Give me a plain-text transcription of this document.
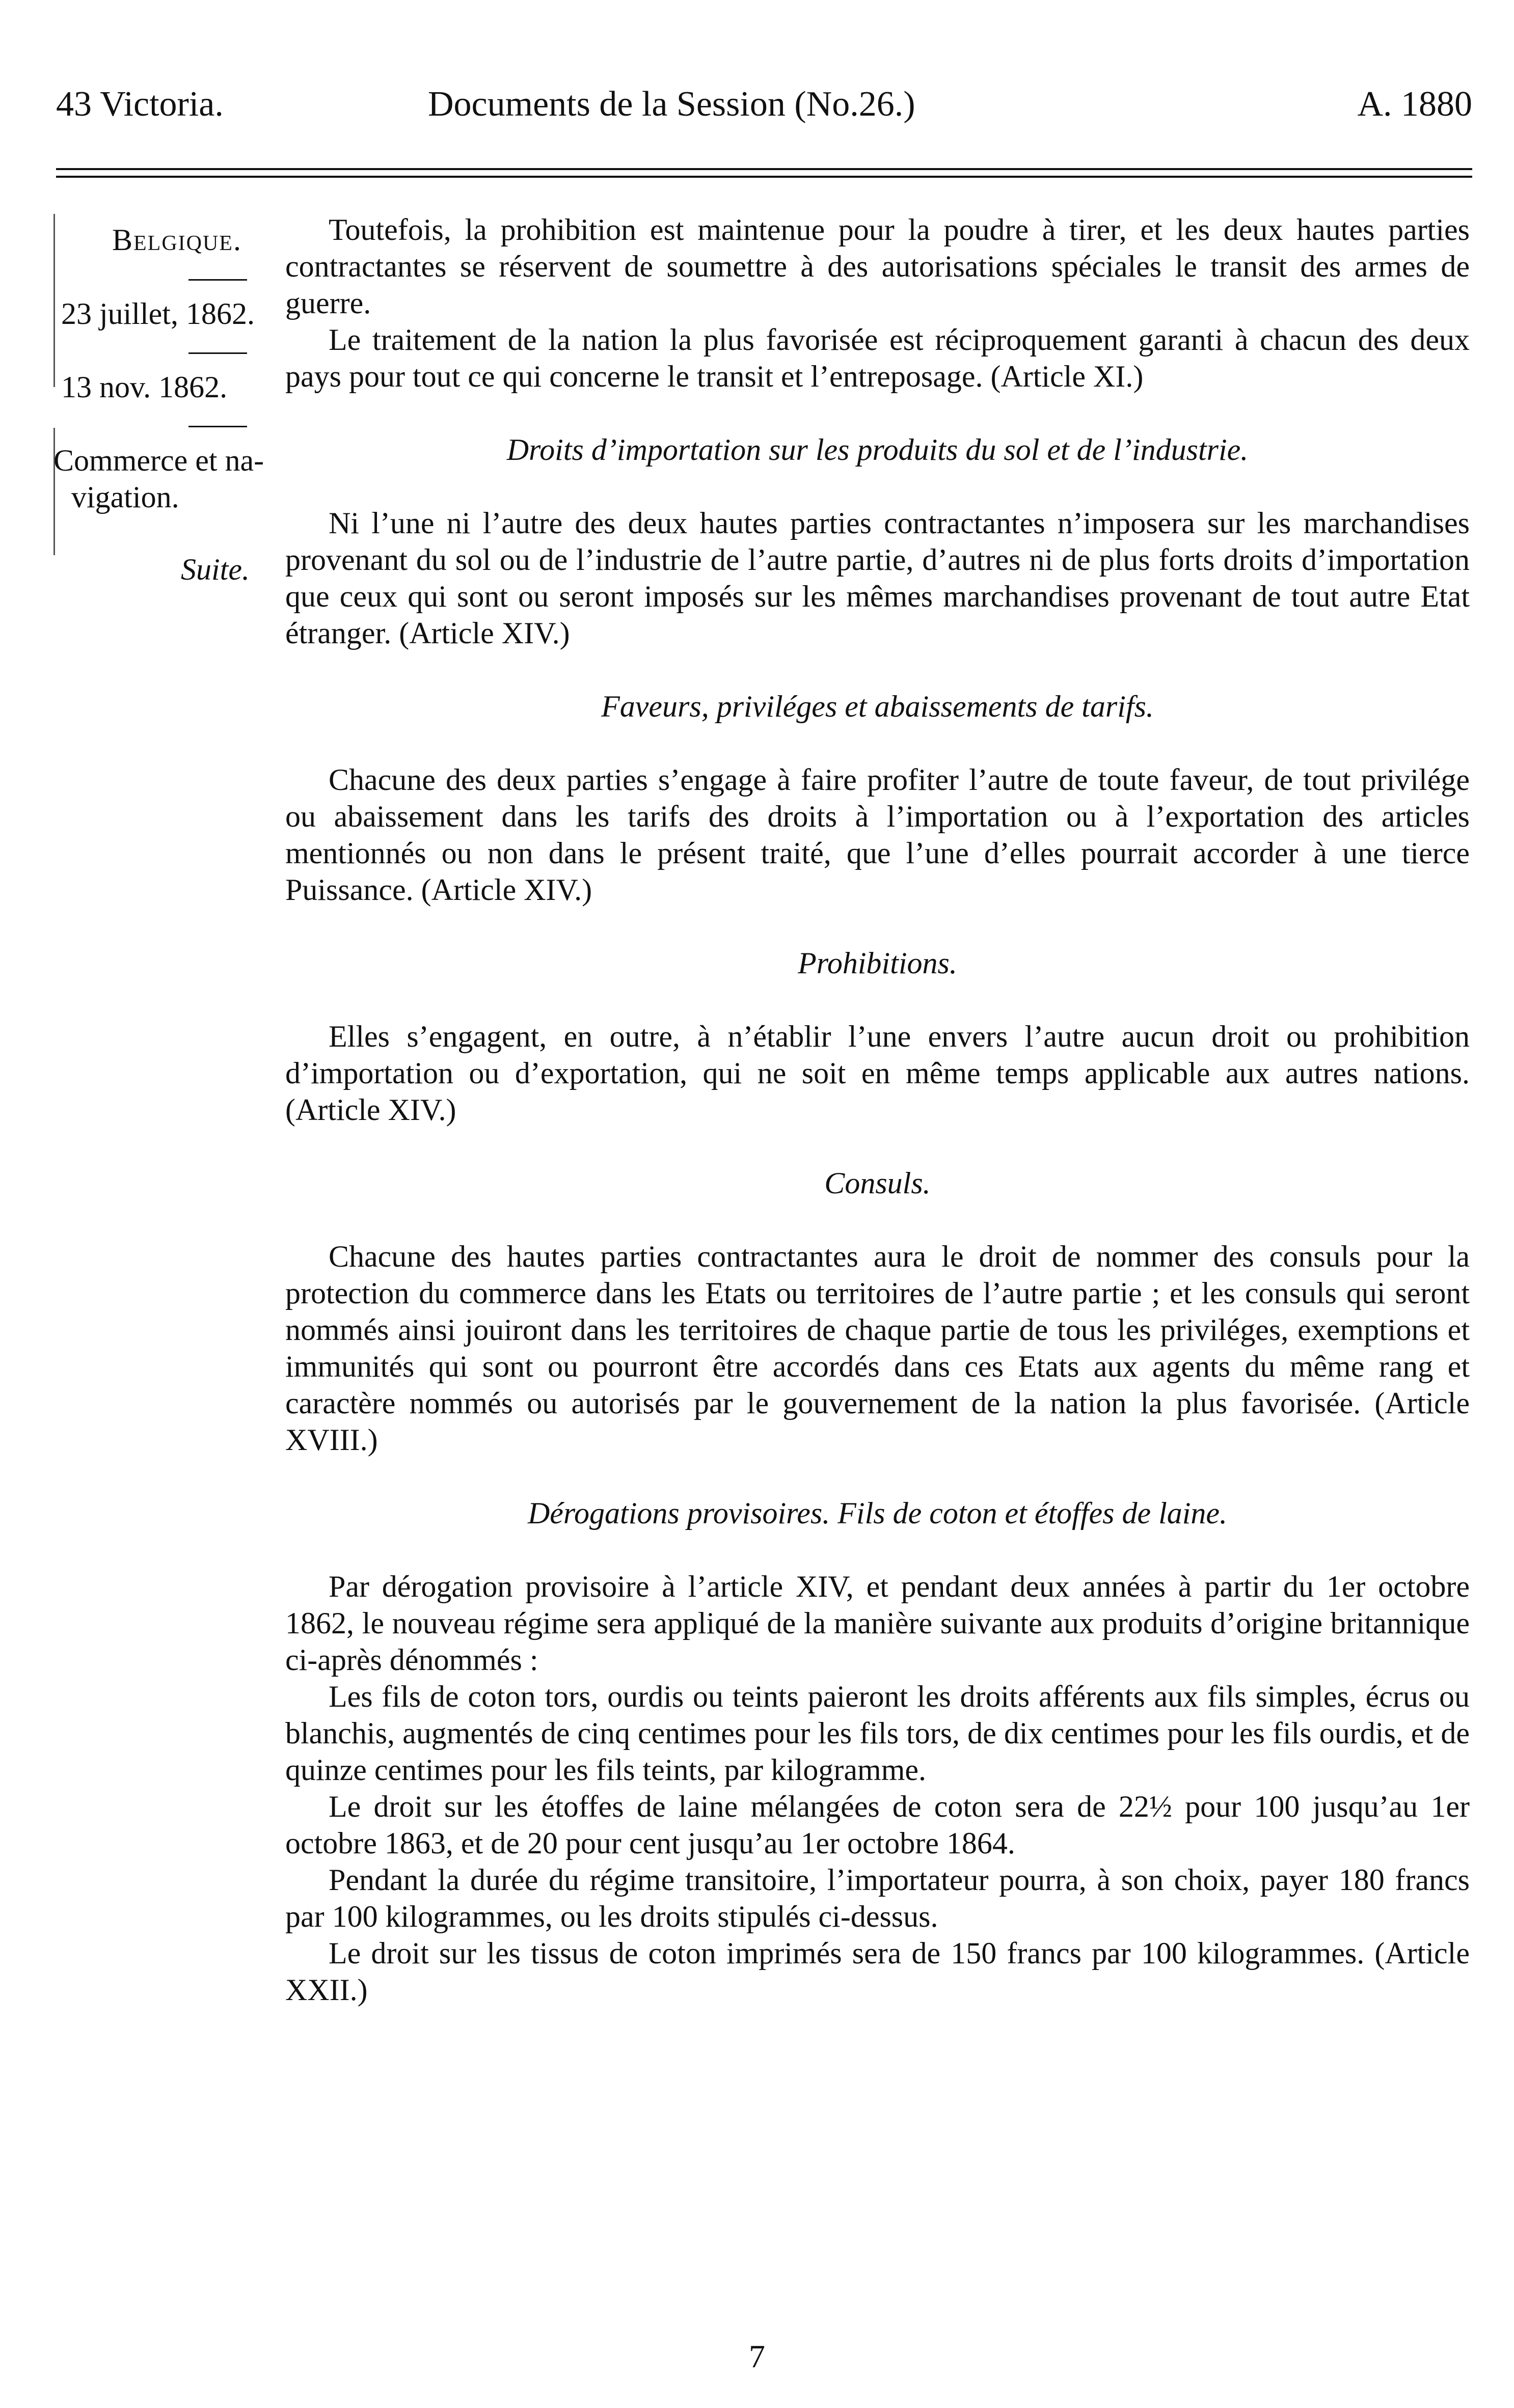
43 Victoria.	Documents de la Session (No.26.)	A. 1880
Belgique.
23 juillet, 1862.
13 nov. 1862.
Commerce et na-
vigation.
Suite.

Toutefois, la prohibition est maintenue pour la poudre à tirer, et les deux hautes parties contractantes se réservent de soumettre à des autorisations spéciales le transit des armes de guerre.

Le traitement de la nation la plus favorisée est réciproquement garanti à chacun des deux pays pour tout ce qui concerne le transit et l’entreposage. (Article XI.)

Droits d’importation sur les produits du sol et de l’industrie.

Ni l’une ni l’autre des deux hautes parties contractantes n’imposera sur les marchandises provenant du sol ou de l’industrie de l’autre partie, d’autres ni de plus forts droits d’importation que ceux qui sont ou seront imposés sur les mêmes marchandises provenant de tout autre Etat étranger. (Article XIV.)

Faveurs, priviléges et abaissements de tarifs.

Chacune des deux parties s’engage à faire profiter l’autre de toute faveur, de tout privilége ou abaissement dans les tarifs des droits à l’importation ou à l’exportation des articles mentionnés ou non dans le présent traité, que l’une d’elles pourrait accorder à une tierce Puissance. (Article XIV.)

Prohibitions.

Elles s’engagent, en outre, à n’établir l’une envers l’autre aucun droit ou prohibition d’importation ou d’exportation, qui ne soit en même temps applicable aux autres nations. (Article XIV.)

Consuls.

Chacune des hautes parties contractantes aura le droit de nommer des consuls pour la protection du commerce dans les Etats ou territoires de l’autre partie ; et les consuls qui seront nommés ainsi jouiront dans les territoires de chaque partie de tous les priviléges, exemptions et immunités qui sont ou pourront être accordés dans ces Etats aux agents du même rang et caractère nommés ou autorisés par le gouvernement de la nation la plus favorisée. (Article XVIII.)

Dérogations provisoires. Fils de coton et étoffes de laine.

Par dérogation provisoire à l’article XIV, et pendant deux années à partir du 1er octobre 1862, le nouveau régime sera appliqué de la manière suivante aux produits d’origine britannique ci-après dénommés :

Les fils de coton tors, ourdis ou teints paieront les droits afférents aux fils simples, écrus ou blanchis, augmentés de cinq centimes pour les fils tors, de dix centimes pour les fils ourdis, et de quinze centimes pour les fils teints, par kilogramme.

Le droit sur les étoffes de laine mélangées de coton sera de 22½ pour 100 jusqu’au 1er octobre 1863, et de 20 pour cent jusqu’au 1er octobre 1864.

Pendant la durée du régime transitoire, l’importateur pourra, à son choix, payer 180 francs par 100 kilogrammes, ou les droits stipulés ci-dessus.

Le droit sur les tissus de coton imprimés sera de 150 francs par 100 kilogrammes. (Article XXII.)

7
